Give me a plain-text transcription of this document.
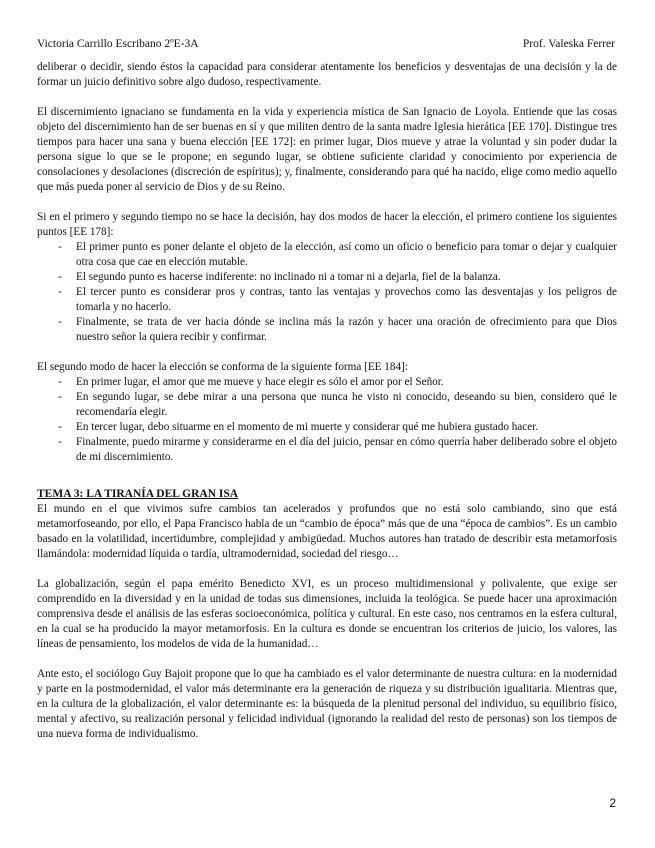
Victoria Carrillo Escribano 2ºE-3A	Prof. Valeska Ferrer

deliberar o decidir, siendo éstos la capacidad para considerar atentamente los beneficios y desventajas de una decisión y la de formar un juicio definitivo sobre algo dudoso, respectivamente.

El discernimiento ignaciano se fundamenta en la vida y experiencia mística de San Ignacio de Loyola. Entiende que las cosas objeto del discernimiento han de ser buenas en sí y que militen dentro de la santa madre Iglesia hierática [EE 170]. Distingue tres tiempos para hacer una sana y buena elección [EE 172]: en primer lugar, Dios mueve y atrae la voluntad y sin poder dudar la persona sigue lo que se le propone; en segundo lugar, se obtiene suficiente claridad y conocimiento por experiencia de consolaciones y desolaciones (discreción de espíritus); y, finalmente, considerando para qué ha nacido, elige como medio aquello que más pueda poner al servicio de Dios y de su Reino.

Si en el primero y segundo tiempo no se hace la decisión, hay dos modos de hacer la elección, el primero contiene los siguientes puntos [EE 178]:

- El primer punto es poner delante el objeto de la elección, así como un oficio o beneficio para tomar o dejar y cualquier otra cosa que cae en elección mutable.
- El segundo punto es hacerse indiferente: no inclinado ni a tomar ni a dejarla, fiel de la balanza.
- El tercer punto es considerar pros y contras, tanto las ventajas y provechos como las desventajas y los peligros de tomarla y no hacerlo.
- Finalmente, se trata de ver hacia dónde se inclina más la razón y hacer una oración de ofrecimiento para que Dios nuestro señor la quiera recibir y confirmar.

El segundo modo de hacer la elección se conforma de la siguiente forma [EE 184]:

- En primer lugar, el amor que me mueve y hace elegir es sólo el amor por el Señor.
- En segundo lugar, se debe mirar a una persona que nunca he visto ni conocido, deseando su bien, considero qué le recomendaría elegir.
- En tercer lugar, debo situarme en el momento de mi muerte y considerar qué me hubiera gustado hacer.
- Finalmente, puedo mirarme y considerarme en el día del juicio, pensar en cómo querría haber deliberado sobre el objeto de mi discernimiento.
TEMA 3: LA TIRANÍA DEL GRAN ISA

El mundo en el que vivimos sufre cambios tan acelerados y profundos que no está solo cambiando, sino que está metamorfoseando, por ello, el Papa Francisco habla de un “cambio de época” más que de una “época de cambios”. Es un cambio basado en la volatilidad, incertidumbre, complejidad y ambigüedad. Muchos autores han tratado de describir esta metamorfosis llamándola: modernidad líquida o tardía, ultramodernidad, sociedad del riesgo…

La globalización, según el papa emérito Benedicto XVI, es un proceso multidimensional y polivalente, que exige ser comprendido en la diversidad y en la unidad de todas sus dimensiones, incluida la teológica. Se puede hacer una aproximación comprensiva desde el análisis de las esferas socioeconómica, política y cultural. En este caso, nos centramos en la esfera cultural, en la cual se ha producido la mayor metamorfosis. En la cultura es donde se encuentran los criterios de juicio, los valores, las líneas de pensamiento, los modelos de vida de la humanidad…

Ante esto, el sociólogo Guy Bajoit propone que lo que ha cambiado es el valor determinante de nuestra cultura: en la modernidad y parte en la postmodernidad, el valor más determinante era la generación de riqueza y su distribución igualitaria. Mientras que, en la cultura de la globalización, el valor determinante es: la búsqueda de la plenitud personal del individuo, su equilibrio físico, mental y afectivo, su realización personal y felicidad individual (ignorando la realidad del resto de personas) son los tiempos de una nueva forma de individualismo.

2
